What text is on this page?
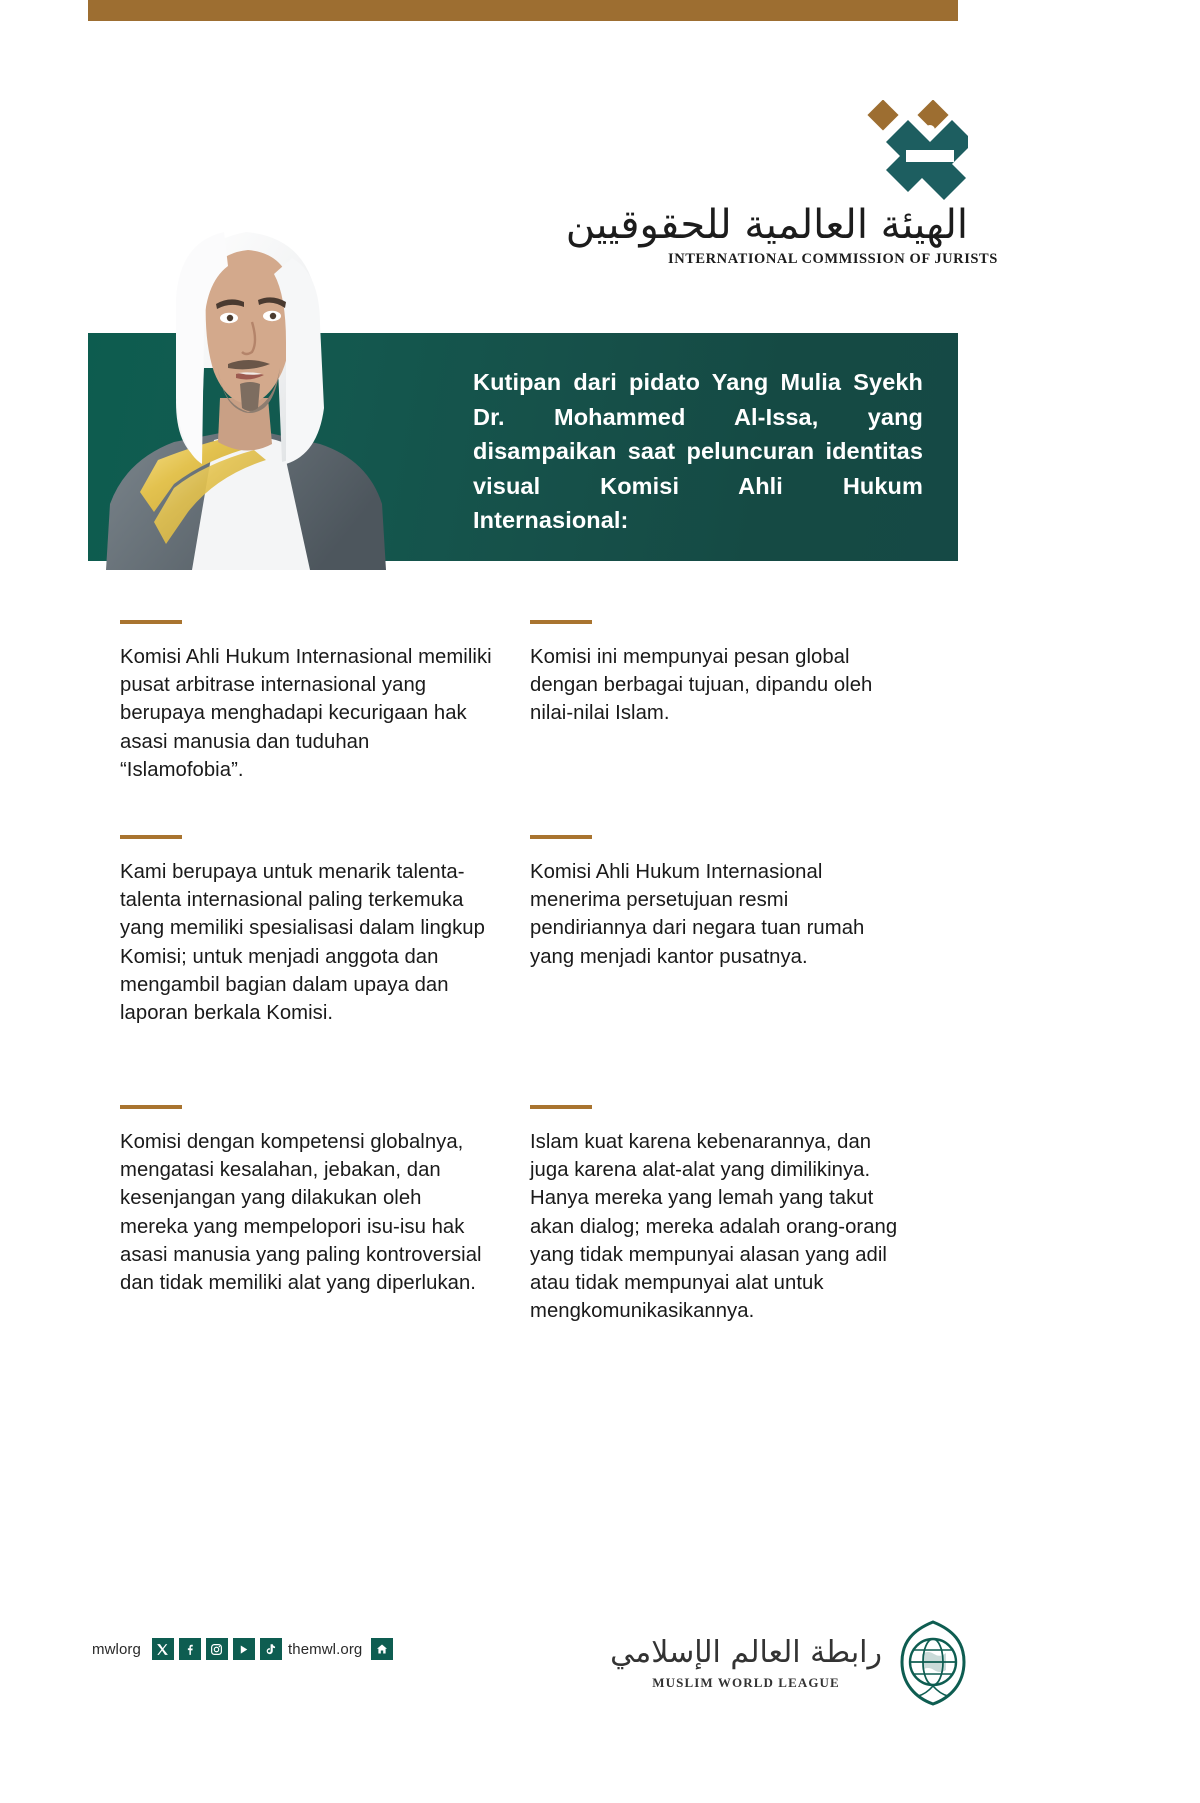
الهيئة العالمية للحقوقيين
INTERNATIONAL COMMISSION OF JURISTS
Kutipan dari pidato Yang Mulia Syekh Dr. Mohammed Al-Issa, yang disampaikan saat peluncuran identitas visual Komisi Ahli Hukum Internasional:
Komisi Ahli Hukum Internasional memiliki pusat arbitrase internasional yang berupaya menghadapi kecurigaan hak asasi manusia dan tuduhan “Islamofobia”.
Komisi ini mempunyai pesan global dengan berbagai tujuan, dipandu oleh nilai-nilai Islam.
Kami berupaya untuk menarik talenta-talenta internasional paling terkemuka yang memiliki spesialisasi dalam lingkup Komisi; untuk menjadi anggota dan mengambil bagian dalam upaya dan laporan berkala Komisi.
Komisi Ahli Hukum Internasional menerima persetujuan resmi pendiriannya dari negara tuan rumah yang menjadi kantor pusatnya.
Komisi dengan kompetensi globalnya, mengatasi kesalahan, jebakan, dan kesenjangan yang dilakukan oleh mereka yang mempelopori isu-isu hak asasi manusia yang paling kontroversial dan tidak memiliki alat yang diperlukan.
Islam kuat karena kebenarannya, dan juga karena alat-alat yang dimilikinya. Hanya mereka yang lemah yang takut akan dialog; mereka adalah orang-orang yang tidak mempunyai alasan yang adil atau tidak mempunyai alat untuk mengkomunikasikannya.
mwlorg	themwl.org	رابطة العالم الإسلامي
MUSLIM WORLD LEAGUE
